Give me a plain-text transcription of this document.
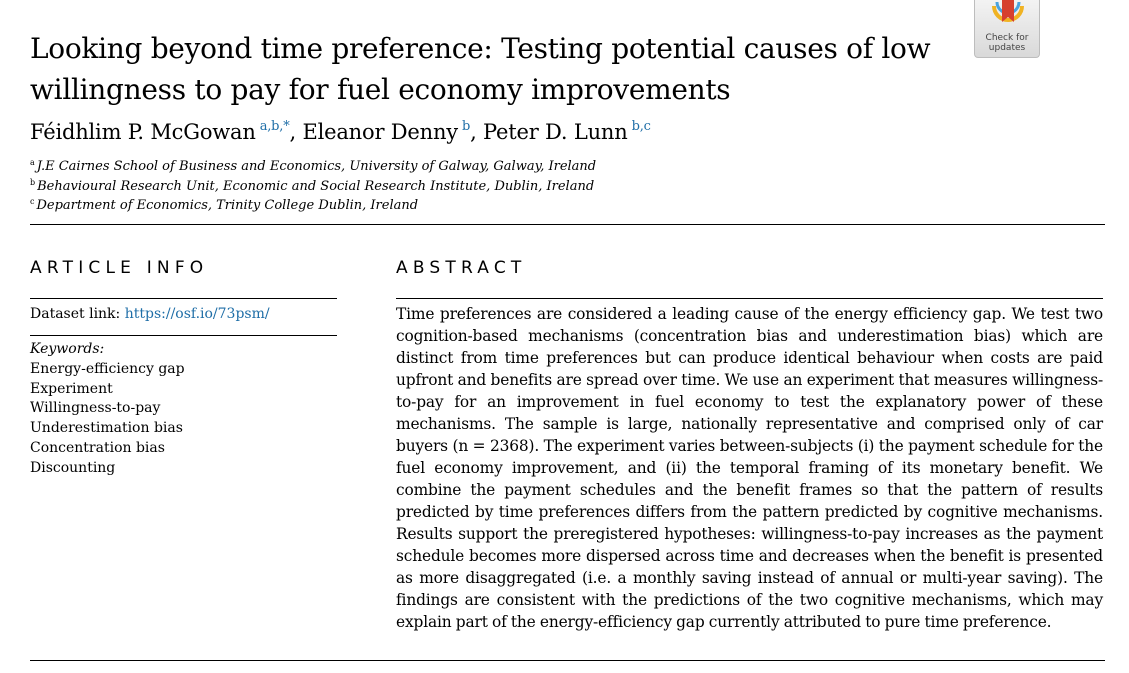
Check for
updates
Looking beyond time preference: Testing potential causes of low willingness to pay for fuel economy improvements
Féidhlim P. McGowan  $^{a,b,*}$, Eleanor Denny  $^b$, Peter D. Lunn  $^{b,c}$
$^a$ J.E Cairnes School of Business and Economics, University of Galway, Galway, Ireland
$^b$ Behavioural Research Unit, Economic and Social Research Institute, Dublin, Ireland
$^c$ Department of Economics, Trinity College Dublin, Ireland
ARTICLE INFO	ABSTRACT
Dataset link: https://osf.io/73psm/
Keywords:
Energy-efficiency gap
Experiment
Willingness-to-pay
Underestimation bias
Concentration bias
Discounting

Time preferences are considered a leading cause of the energy efficiency gap. We test two cognition-based mechanisms (concentration bias and underestimation bias) which are distinct from time preferences but can produce identical behaviour when costs are paid upfront and benefits are spread over time. We use an experiment that measures willingness-to-pay for an improvement in fuel economy to test the explanatory power of these mechanisms. The sample is large, nationally representative and comprised only of car buyers (n = 2368). The experiment varies between-subjects (i) the payment schedule for the fuel economy improvement, and (ii) the temporal framing of its monetary benefit. We combine the payment schedules and the benefit frames so that the pattern of results predicted by time preferences differs from the pattern predicted by cognitive mechanisms. Results support the preregistered hypotheses: willingness-to-pay increases as the payment schedule becomes more dispersed across time and decreases when the benefit is presented as more disaggregated (i.e. a monthly saving instead of annual or multi-year saving). The findings are consistent with the predictions of the two cognitive mechanisms, which may explain part of the energy-efficiency gap currently attributed to pure time preference.
